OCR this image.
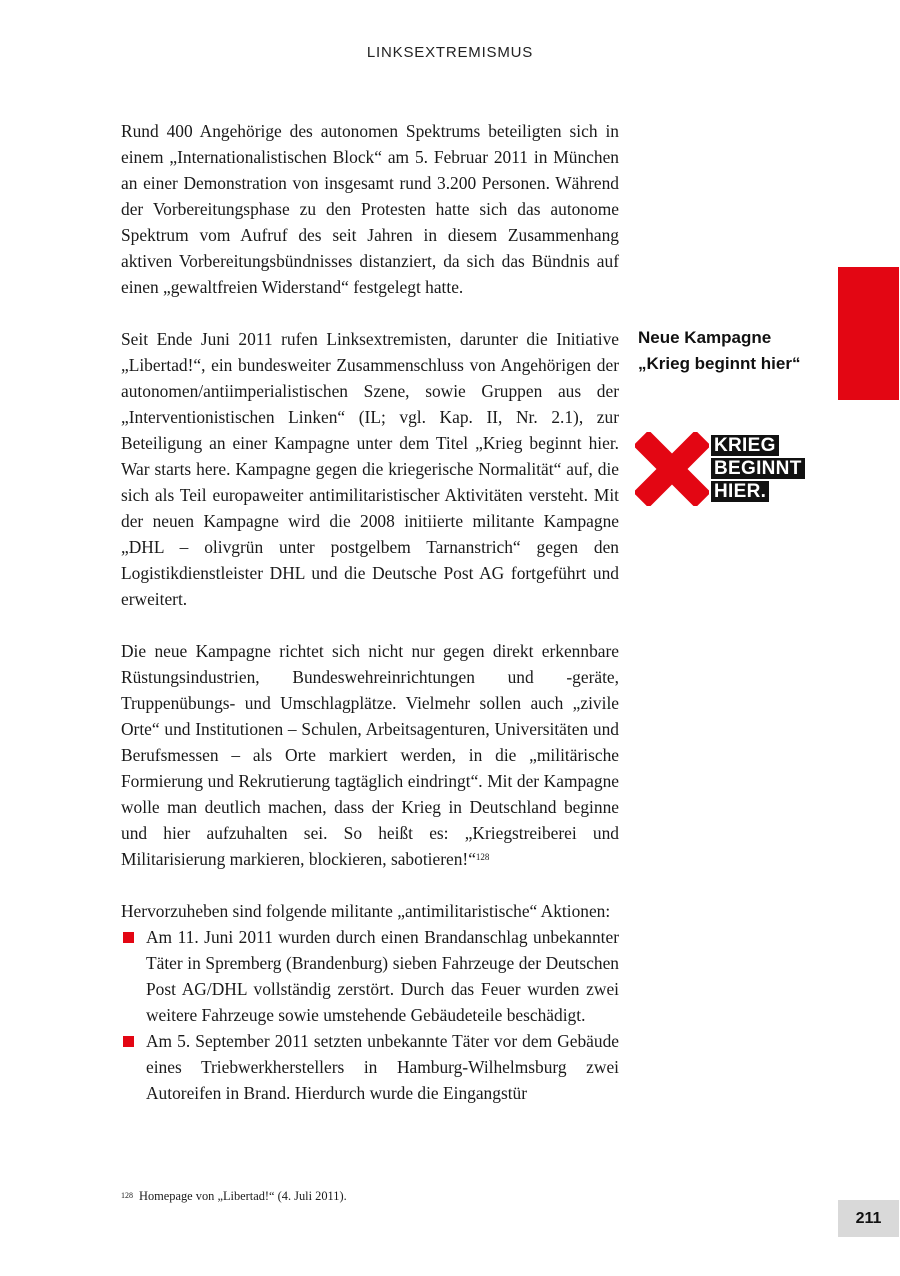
LINKSEXTREMISMUS

Rund 400 Angehörige des autonomen Spektrums beteiligten sich in einem „Internationalistischen Block“ am 5. Februar 2011 in München an einer Demonstration von insgesamt rund 3.200 Personen. Während der Vorbereitungsphase zu den Protesten hatte sich das autonome Spektrum vom Aufruf des seit Jahren in diesem Zusammenhang aktiven Vorbereitungsbündnisses distanziert, da sich das Bündnis auf einen „gewaltfreien Widerstand“ festgelegt hatte.

Seit Ende Juni 2011 rufen Linksextremisten, darunter die Initiative „Libertad!“, ein bundesweiter Zusammenschluss von Angehörigen der autonomen/antiimperialistischen Szene, sowie Gruppen aus der „Interventionistischen Linken“ (IL; vgl. Kap. II, Nr. 2.1), zur Beteiligung an einer Kampagne unter dem Titel „Krieg beginnt hier. War starts here. Kampagne gegen die kriegerische Normalität“ auf, die sich als Teil europaweiter antimilitaristischer Aktivitäten versteht. Mit der neuen Kampagne wird die 2008 initiierte militante Kampagne „DHL – olivgrün unter postgelbem Tarnanstrich“ gegen den Logistikdienstleister DHL und die Deutsche Post AG fortgeführt und erweitert.

Die neue Kampagne richtet sich nicht nur gegen direkt erkennbare Rüstungsindustrien, Bundeswehreinrichtungen und -geräte, Truppenübungs- und Umschlagplätze. Vielmehr sollen auch „zivile Orte“ und Institutionen – Schulen, Arbeitsagenturen, Universitäten und Berufsmessen – als Orte markiert werden, in die „militärische Formierung und Rekrutierung tagtäglich eindringt“. Mit der Kampagne wolle man deutlich machen, dass der Krieg in Deutschland beginne und hier aufzuhalten sei. So heißt es: „Kriegstreiberei und Militarisierung markieren, blockieren, sabotieren!“$^{128}$

Hervorzuheben sind folgende militante „antimilitaristische“ Aktionen:

Am 11. Juni 2011 wurden durch einen Brandanschlag unbekannter Täter in Spremberg (Brandenburg) sieben Fahrzeuge der Deutschen Post AG/DHL vollständig zerstört. Durch das Feuer wurden zwei weitere Fahrzeuge sowie umstehende Gebäudeteile beschädigt.
Am 5. September 2011 setzten unbekannte Täter vor dem Gebäude eines Triebwerkherstellers in Hamburg-Wilhelmsburg zwei Autoreifen in Brand. Hierdurch wurde die Eingangstür
Neue Kampagne
„Krieg beginnt hier“
KRIEG
BEGINNT
HIER.
$^{128}$ Homepage von „Libertad!“ (4. Juli 2011).
211
